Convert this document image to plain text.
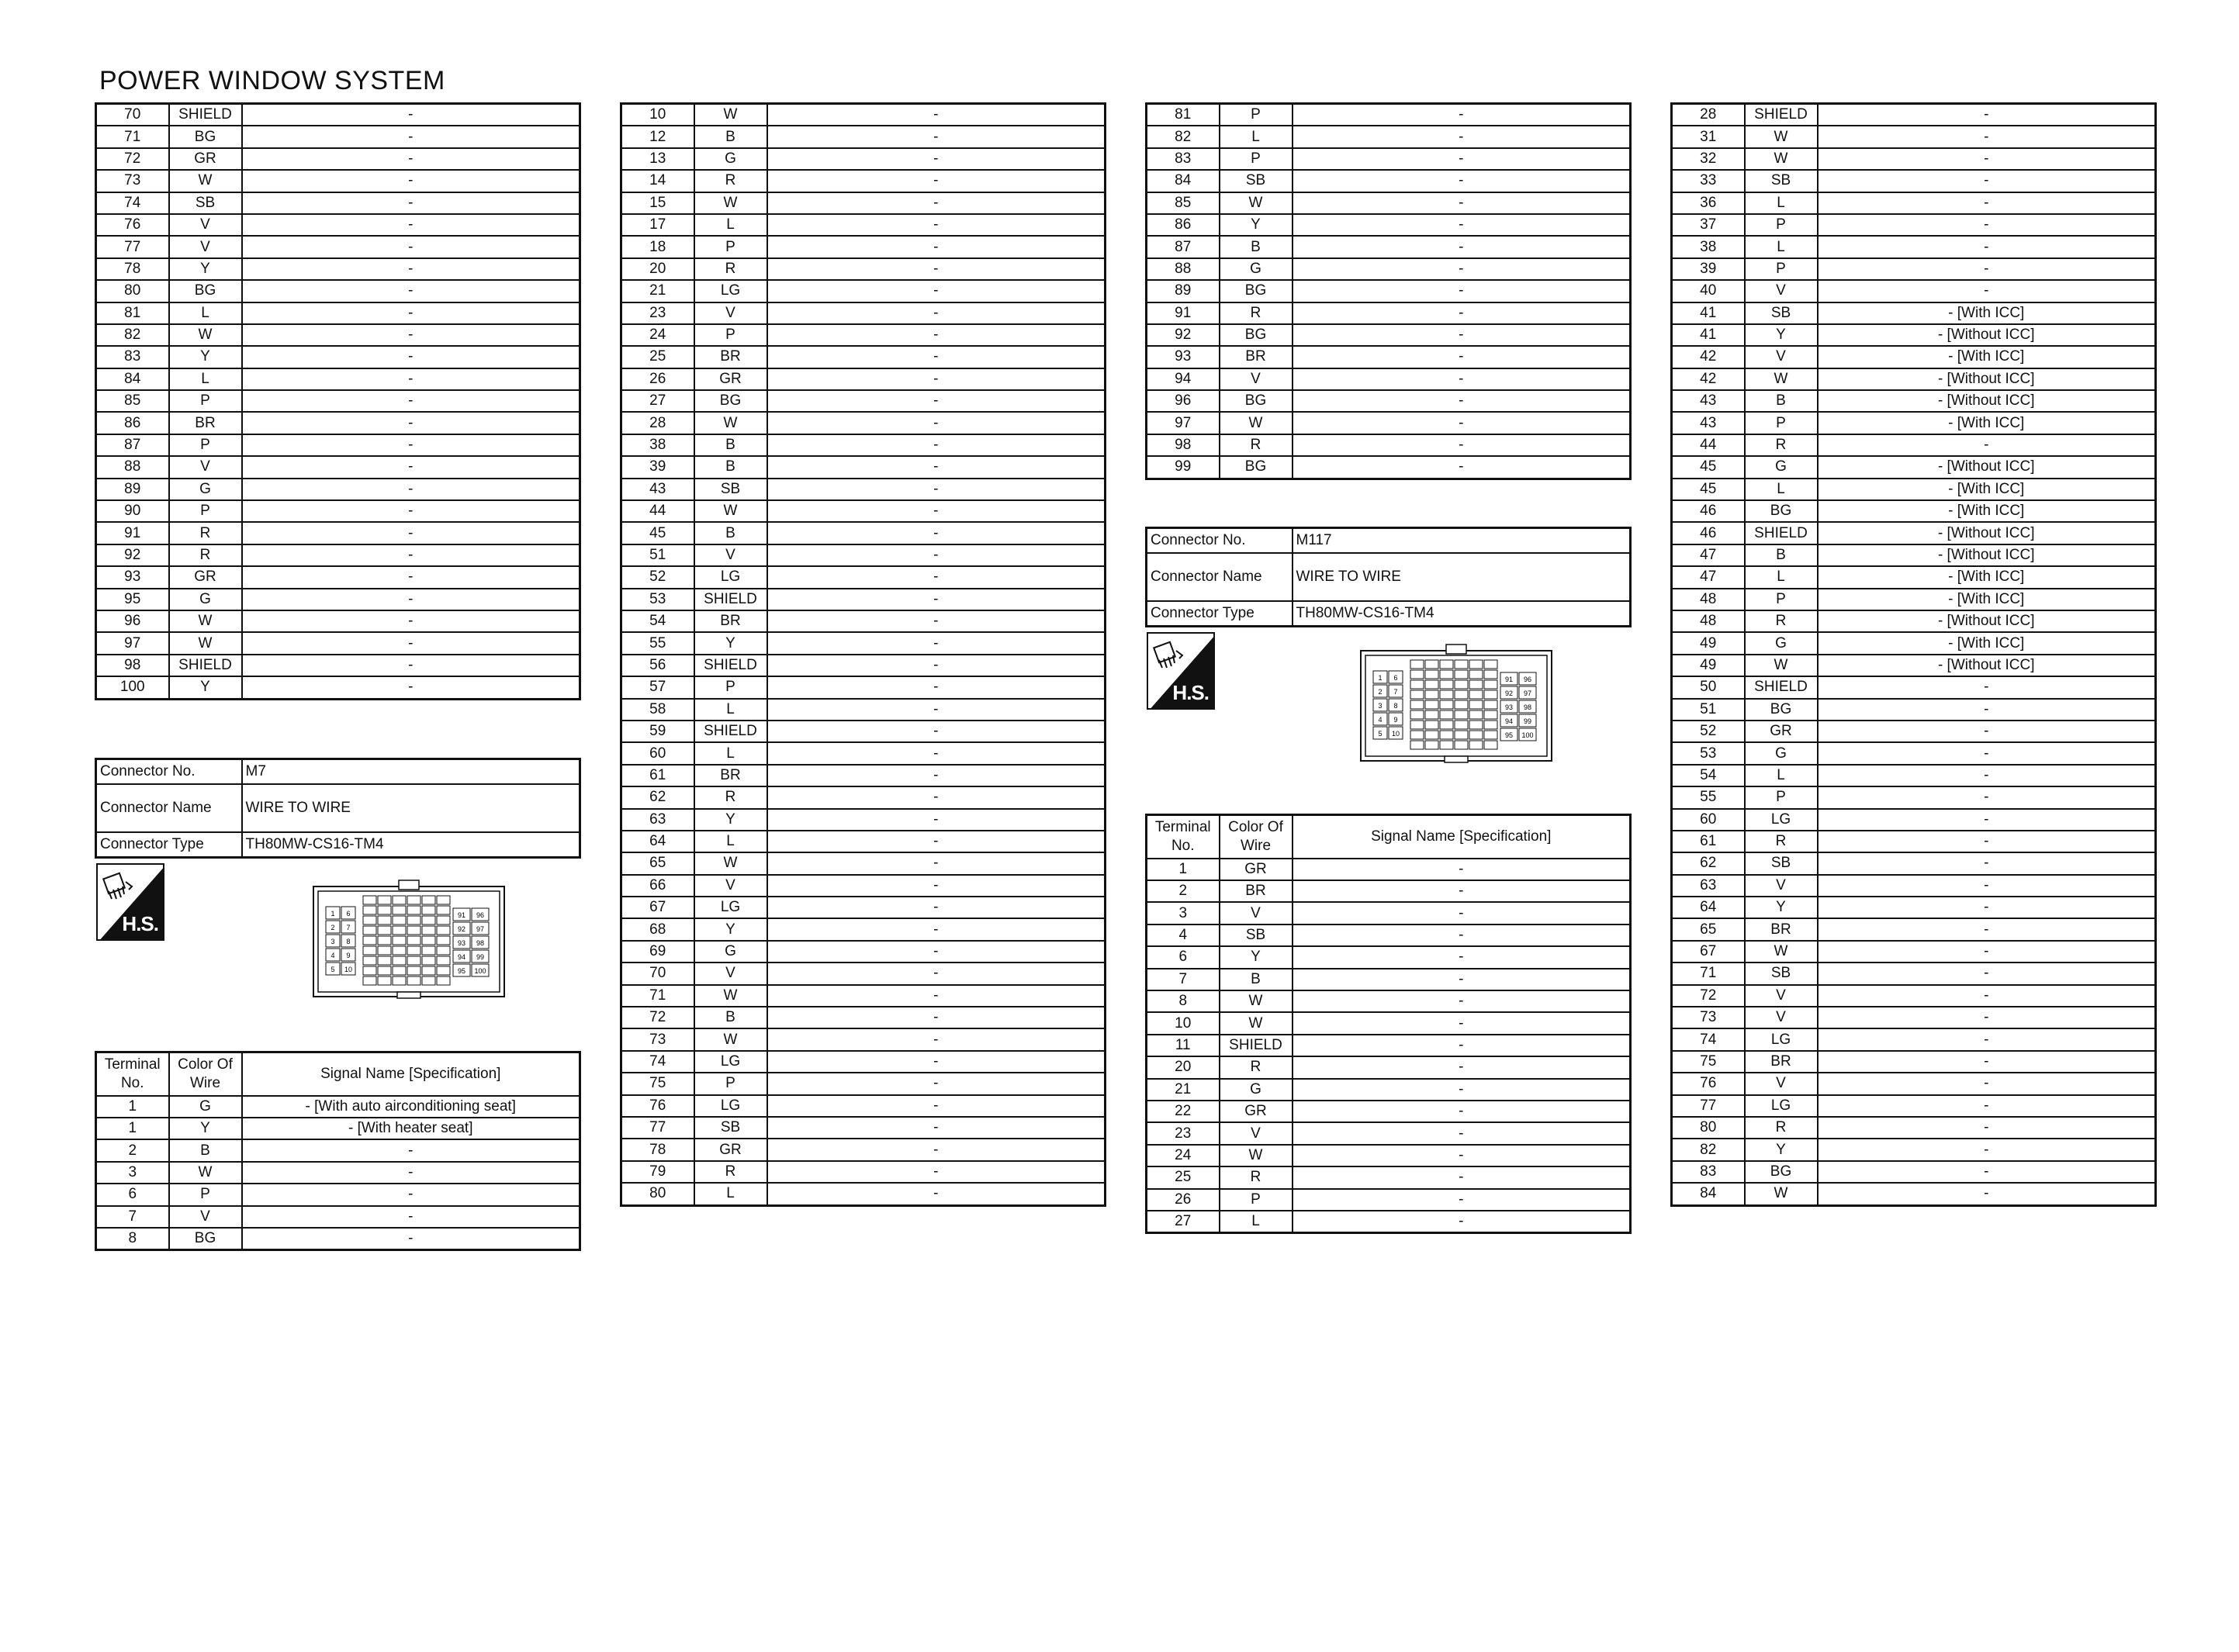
POWER WINDOW SYSTEM
70	SHIELD	-
71	BG	-
72	GR	-
73	W	-
74	SB	-
76	V	-
77	V	-
78	Y	-
80	BG	-
81	L	-
82	W	-
83	Y	-
84	L	-
85	P	-
86	BR	-
87	P	-
88	V	-
89	G	-
90	P	-
91	R	-
92	R	-
93	GR	-
95	G	-
96	W	-
97	W	-
98	SHIELD	-
100	Y	-
Connector No.	M7
Connector Name	WIRE TO WIRE
Connector Type	TH80MW-CS16-TM4
H.S.	1 6
2 7
3 8
4 9
5 10
91 96
92 97
93 98
94 99
95 100
Terminal No.	Color Of Wire	Signal Name [Specification]
1	G	- [With auto airconditioning seat]
1	Y	- [With heater seat]
2	B	-
3	W	-
6	P	-
7	V	-
8	BG	-
10	W	-
12	B	-
13	G	-
14	R	-
15	W	-
17	L	-
18	P	-
20	R	-
21	LG	-
23	V	-
24	P	-
25	BR	-
26	GR	-
27	BG	-
28	W	-
38	B	-
39	B	-
43	SB	-
44	W	-
45	B	-
51	V	-
52	LG	-
53	SHIELD	-
54	BR	-
55	Y	-
56	SHIELD	-
57	P	-
58	L	-
59	SHIELD	-
60	L	-
61	BR	-
62	R	-
63	Y	-
64	L	-
65	W	-
66	V	-
67	LG	-
68	Y	-
69	G	-
70	V	-
71	W	-
72	B	-
73	W	-
74	LG	-
75	P	-
76	LG	-
77	SB	-
78	GR	-
79	R	-
80	L	-
81	P	-
82	L	-
83	P	-
84	SB	-
85	W	-
86	Y	-
87	B	-
88	G	-
89	BG	-
91	R	-
92	BG	-
93	BR	-
94	V	-
96	BG	-
97	W	-
98	R	-
99	BG	-
Connector No.	M117
Connector Name	WIRE TO WIRE
Connector Type	TH80MW-CS16-TM4
H.S.
1 6
2 7
3 8
4 9
5 10
91 96
92 97
93 98
94 99
95 100
Terminal No.	Color Of Wire	Signal Name [Specification]
1	GR	-
2	BR	-
3	V	-
4	SB	-
6	Y	-
7	B	-
8	W	-
10	W	-
11	SHIELD	-
20	R	-
21	G	-
22	GR	-
23	V	-
24	W	-
25	R	-
26	P	-
27	L	-
28	SHIELD	-
31	W	-
32	W	-
33	SB	-
36	L	-
37	P	-
38	L	-
39	P	-
40	V	-
41	SB	- [With ICC]
41	Y	- [Without ICC]
42	V	- [With ICC]
42	W	- [Without ICC]
43	B	- [Without ICC]
43	P	- [With ICC]
44	R	-
45	G	- [Without ICC]
45	L	- [With ICC]
46	BG	- [With ICC]
46	SHIELD	- [Without ICC]
47	B	- [Without ICC]
47	L	- [With ICC]
48	P	- [With ICC]
48	R	- [Without ICC]
49	G	- [With ICC]
49	W	- [Without ICC]
50	SHIELD	-
51	BG	-
52	GR	-
53	G	-
54	L	-
55	P	-
60	LG	-
61	R	-
62	SB	-
63	V	-
64	Y	-
65	BR	-
67	W	-
71	SB	-
72	V	-
73	V	-
74	LG	-
75	BR	-
76	V	-
77	LG	-
80	R	-
82	Y	-
83	BG	-
84	W	-
